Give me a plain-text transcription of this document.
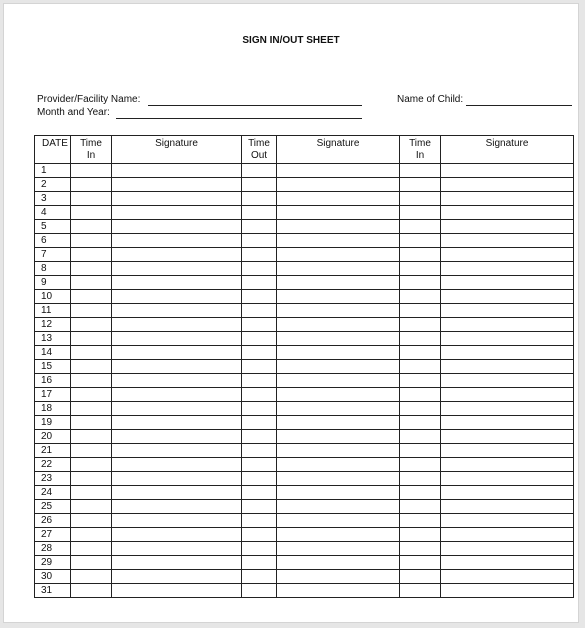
SIGN IN/OUT SHEET
Provider/Facility Name:	Name of Child:
Month and Year:
DATE	Time In	Signature	Time Out	Signature	Time In	Signature
1						
2						
3						
4						
5						
6						
7						
8						
9						
10						
11						
12						
13						
14						
15						
16						
17						
18						
19						
20						
21						
22						
23						
24						
25						
26						
27						
28						
29						
30						
31						
